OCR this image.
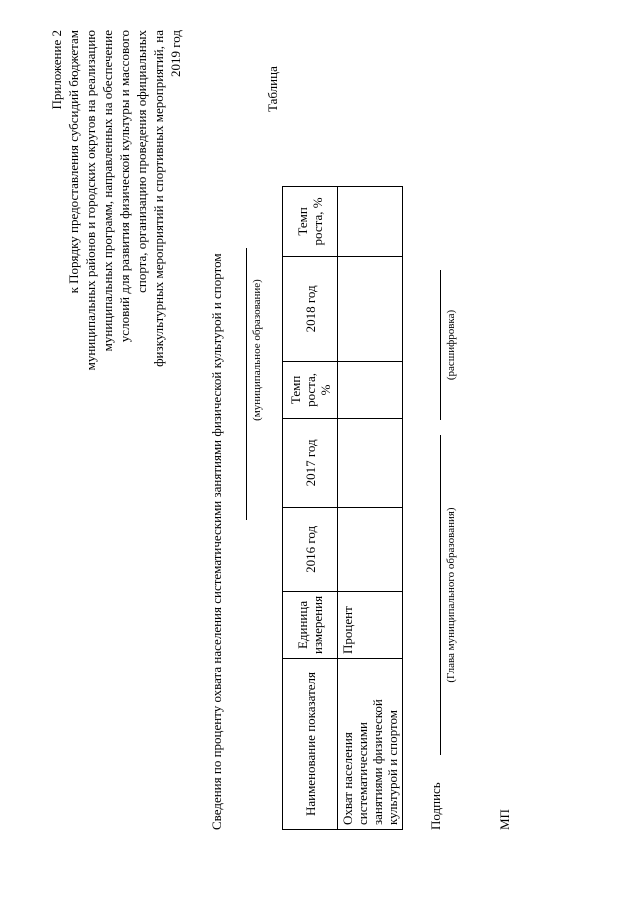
Приложение 2 к Порядку предоставления субсидий бюджетам муниципальных районов и городских округов на реализацию муниципальных программ, направленных на обеспечение условий для развития физической культуры и массового спорта, организацию проведения официальных физкультурных мероприятий и спортивных мероприятий, на 2019 год
Сведения по проценту охвата населения систематическими занятиями физической культурой и спортом (муниципальное образование)
Таблица
Наименование показателя	Единица измерения	2016 год	2017 год	Темп роста, %	2018 год	Темп роста, %
Охват населения систематическими занятиями физической культурой и спортом	Процент					
Подпись
(Глава муниципального образования)
(расшифровка)
МП
